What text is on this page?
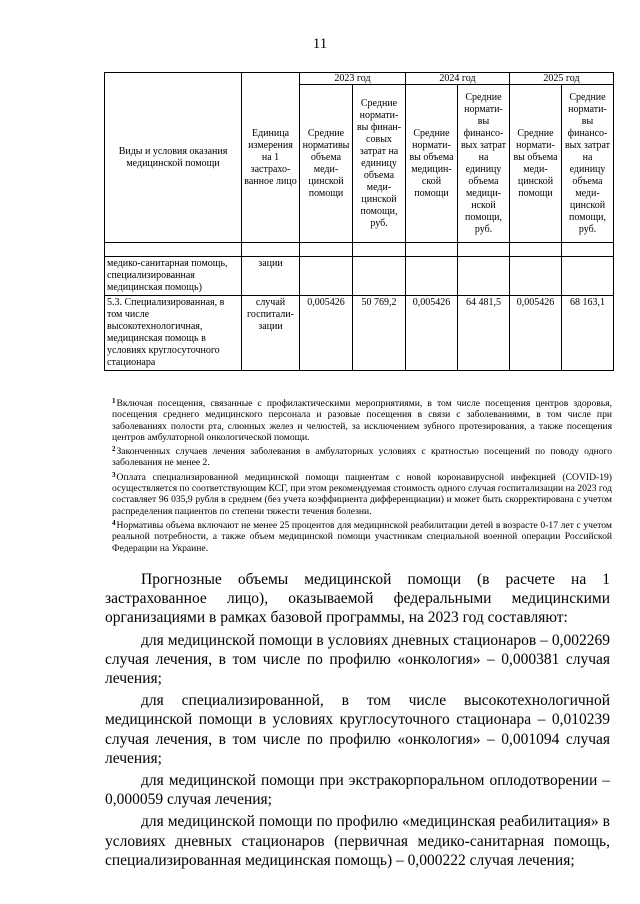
11
Виды и условия оказания медицинской помощи	Единица измерения на 1 застрахо-ванное лицо	2023 год		2024 год		2025 год	
		Средние нормативы объема меди-цинской помощи	Средние нормати-вы финан-совых затрат на единицу объема меди-цинской помощи, руб.	Средние нормати-вы объема медицин-ской помощи	Средние нормати-вы финансо-вых затрат на единицу объема медици-нской помощи, руб.	Средние нормати-вы объема меди-цинской помощи	Средние нормати-вы финансо-вых затрат на единицу объема меди-цинской помощи, руб.

медико-санитарная помощь, специализированная медицинская помощь)	зации						
5.3. Специализированная, в том числе высокотехнологичная, медицинская помощь в условиях круглосуточного стационара	случай госпитали-зации	0,005426	50 769,2	0,005426	64 481,5	0,005426	68 163,1

$^1$Включая посещения, связанные с профилактическими мероприятиями, в том числе посещения центров здоровья, посещения среднего медицинского персонала и разовые посещения в связи с заболеваниями, в том числе при заболеваниях полости рта, слюнных желез и челюстей, за исключением зубного протезирования, а также посещения центров амбулаторной онкологической помощи.

$^2$Законченных случаев лечения заболевания в амбулаторных условиях с кратностью посещений по поводу одного заболевания не менее 2.

$^3$Оплата специализированной медицинской помощи пациентам с новой коронавирусной инфекцией (COVID-19) осуществляется по соответствующим КСГ, при этом рекомендуемая стоимость одного случая госпитализации на 2023 год составляет 96 035,9 рубля в среднем (без учета коэффициента дифференциации) и может быть скорректирована с учетом распределения пациентов по степени тяжести течения болезни.

$^4$Нормативы объема включают не менее 25 процентов для медицинской реабилитации детей в возрасте 0-17 лет с учетом реальной потребности, а также объем медицинской помощи участникам специальной военной операции Российской Федерации на Украине.

Прогнозные объемы медицинской помощи (в расчете на 1 застрахованное лицо), оказываемой федеральными медицинскими организациями в рамках базовой программы, на 2023 год составляют:

для медицинской помощи в условиях дневных стационаров – 0,002269 случая лечения, в том числе по профилю «онкология» – 0,000381 случая лечения;

для специализированной, в том числе высокотехнологичной медицинской помощи в условиях круглосуточного стационара – 0,010239 случая лечения, в том числе по профилю «онкология» – 0,001094 случая лечения;

для медицинской помощи при экстракорпоральном оплодотворении – 0,000059 случая лечения;

для медицинской помощи по профилю «медицинская реабилитация» в условиях дневных стационаров (первичная медико-санитарная помощь, специализированная медицинская помощь) – 0,000222 случая лечения;
